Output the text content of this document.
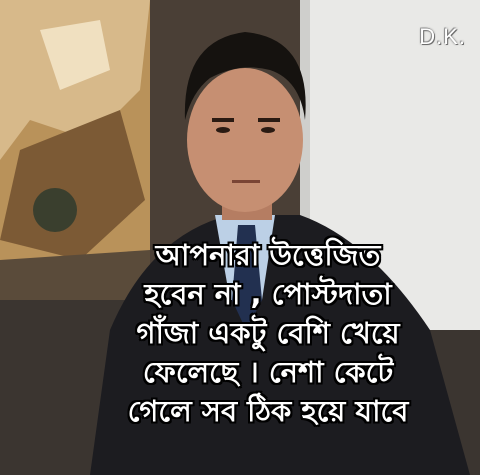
D.K.
আপনারা উত্তেজিত
হবেন না , পোস্টদাতা
গাঁজা একটু বেশি খেয়ে
ফেলেছে । নেশা কেটে
গেলে সব ঠিক হয়ে যাবে
